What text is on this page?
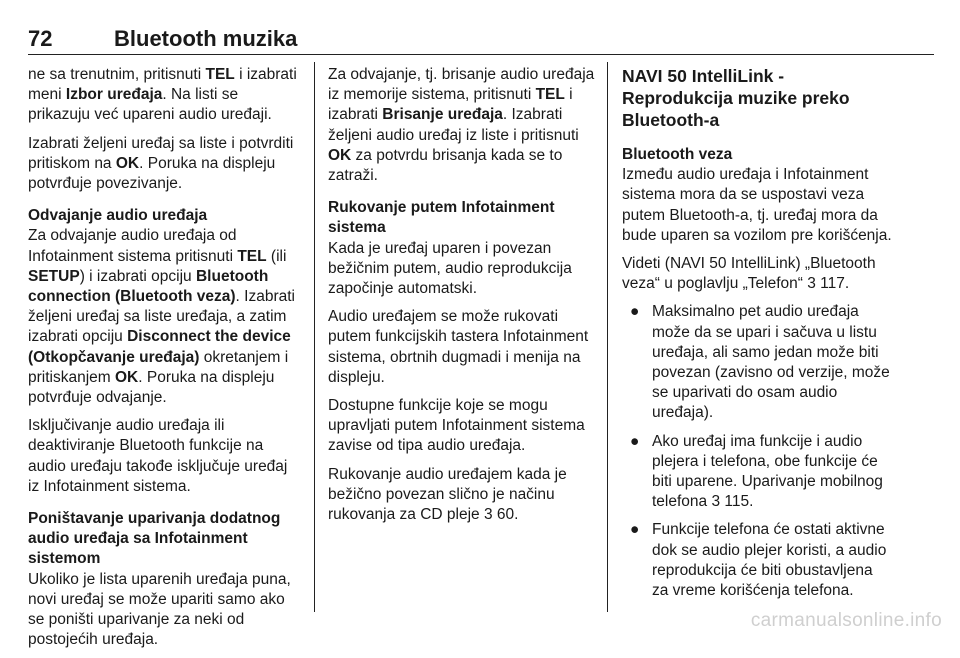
72	Bluetooth muzika

ne sa trenutnim, pritisnuti TEL i izabrati meni Izbor uređaja. Na listi se prikazuju već upareni audio uređaji.

Izabrati željeni uređaj sa liste i potvrditi pritiskom na OK. Poruka na displeju potvrđuje povezivanje.

Odvajanje audio uređaja

Za odvajanje audio uređaja od Infotainment sistema pritisnuti TEL (ili SETUP) i izabrati opciju Bluetooth connection (Bluetooth veza). Izabrati željeni uređaj sa liste uređaja, a zatim izabrati opciju Disconnect the device (Otkopčavanje uređaja) okretanjem i pritiskanjem OK. Poruka na displeju potvrđuje odvajanje.

Isključivanje audio uređaja ili deaktiviranje Bluetooth funkcije na audio uređaju takođe isključuje uređaj iz Infotainment sistema.

Poništavanje uparivanja dodatnog audio uređaja sa Infotainment sistemom

Ukoliko je lista uparenih uređaja puna, novi uređaj se može upariti samo ako se poništi uparivanje za neki od postojećih uređaja.

Za odvajanje, tj. brisanje audio uređaja iz memorije sistema, pritisnuti TEL i izabrati Brisanje uređaja. Izabrati željeni audio uređaj iz liste i pritisnuti OK za potvrdu brisanja kada se to zatraži.

Rukovanje putem Infotainment sistema

Kada je uređaj uparen i povezan bežičnim putem, audio reprodukcija započinje automatski.

Audio uređajem se može rukovati putem funkcijskih tastera Infotainment sistema, obrtnih dugmadi i menija na displeju.

Dostupne funkcije koje se mogu upravljati putem Infotainment sistema zavise od tipa audio uređaja.

Rukovanje audio uređajem kada je bežično povezan slično je načinu rukovanja za CD pleje 3 60.

NAVI 50 IntelliLink - Reprodukcija muzike preko Bluetooth-a
Bluetooth veza

Između audio uređaja i Infotainment sistema mora da se uspostavi veza putem Bluetooth-a, tj. uređaj mora da bude uparen sa vozilom pre korišćenja.

Videti (NAVI 50 IntelliLink) „Bluetooth veza“ u poglavlju „Telefon“ 3 117.

● Maksimalno pet audio uređaja može da se upari i sačuva u listu uređaja, ali samo jedan može biti povezan (zavisno od verzije, može se uparivati do osam audio uređaja).
● Ako uređaj ima funkcije i audio plejera i telefona, obe funkcije će biti uparene. Uparivanje mobilnog telefona 3 115.
● Funkcije telefona će ostati aktivne dok se audio plejer koristi, a audio reprodukcija će biti obustavljena za vreme korišćenja telefona.
carmanualsonline.info
